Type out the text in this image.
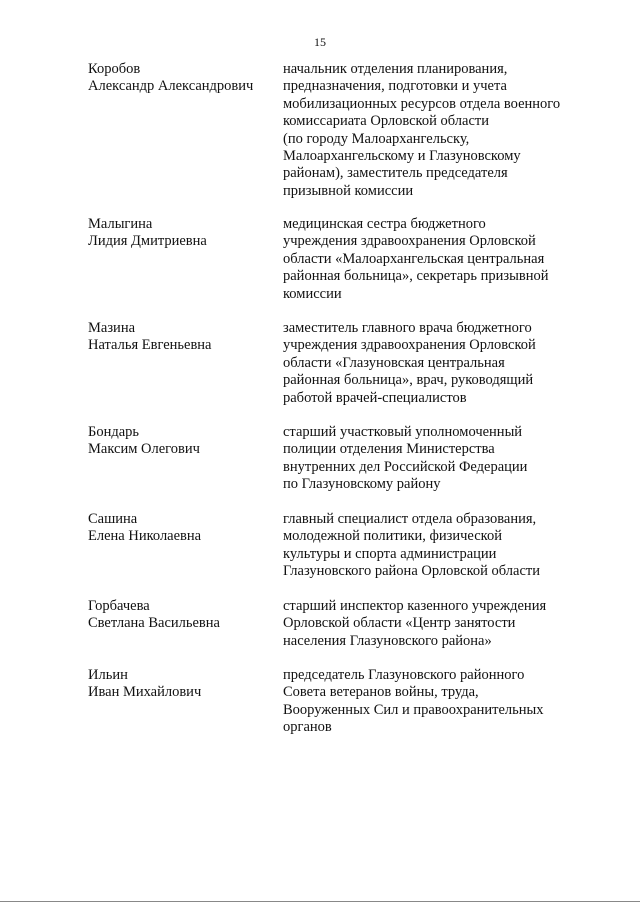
15
Коробов
Александр Александрович
начальник отделения планирования,
предназначения, подготовки и учета
мобилизационных ресурсов отдела военного
комиссариата Орловской области
(по городу Малоархангельску,
Малоархангельскому и Глазуновскому
районам), заместитель председателя
призывной комиссии
Малыгина
Лидия Дмитриевна
медицинская сестра бюджетного
учреждения здравоохранения Орловской
области «Малоархангельская центральная
районная больница», секретарь призывной
комиссии
Мазина
Наталья Евгеньевна
заместитель главного врача бюджетного
учреждения здравоохранения Орловской
области «Глазуновская центральная
районная больница», врач, руководящий
работой врачей-специалистов
Бондарь
Максим Олегович
старший участковый уполномоченный
полиции отделения Министерства
внутренних дел Российской Федерации
по Глазуновскому району
Сашина
Елена Николаевна
главный специалист отдела образования,
молодежной политики, физической
культуры и спорта администрации
Глазуновского района Орловской области
Горбачева
Светлана Васильевна
старший инспектор казенного учреждения
Орловской области «Центр занятости
населения Глазуновского района»
Ильин
Иван Михайлович
председатель Глазуновского районного
Совета ветеранов войны, труда,
Вооруженных Сил и правоохранительных
органов
